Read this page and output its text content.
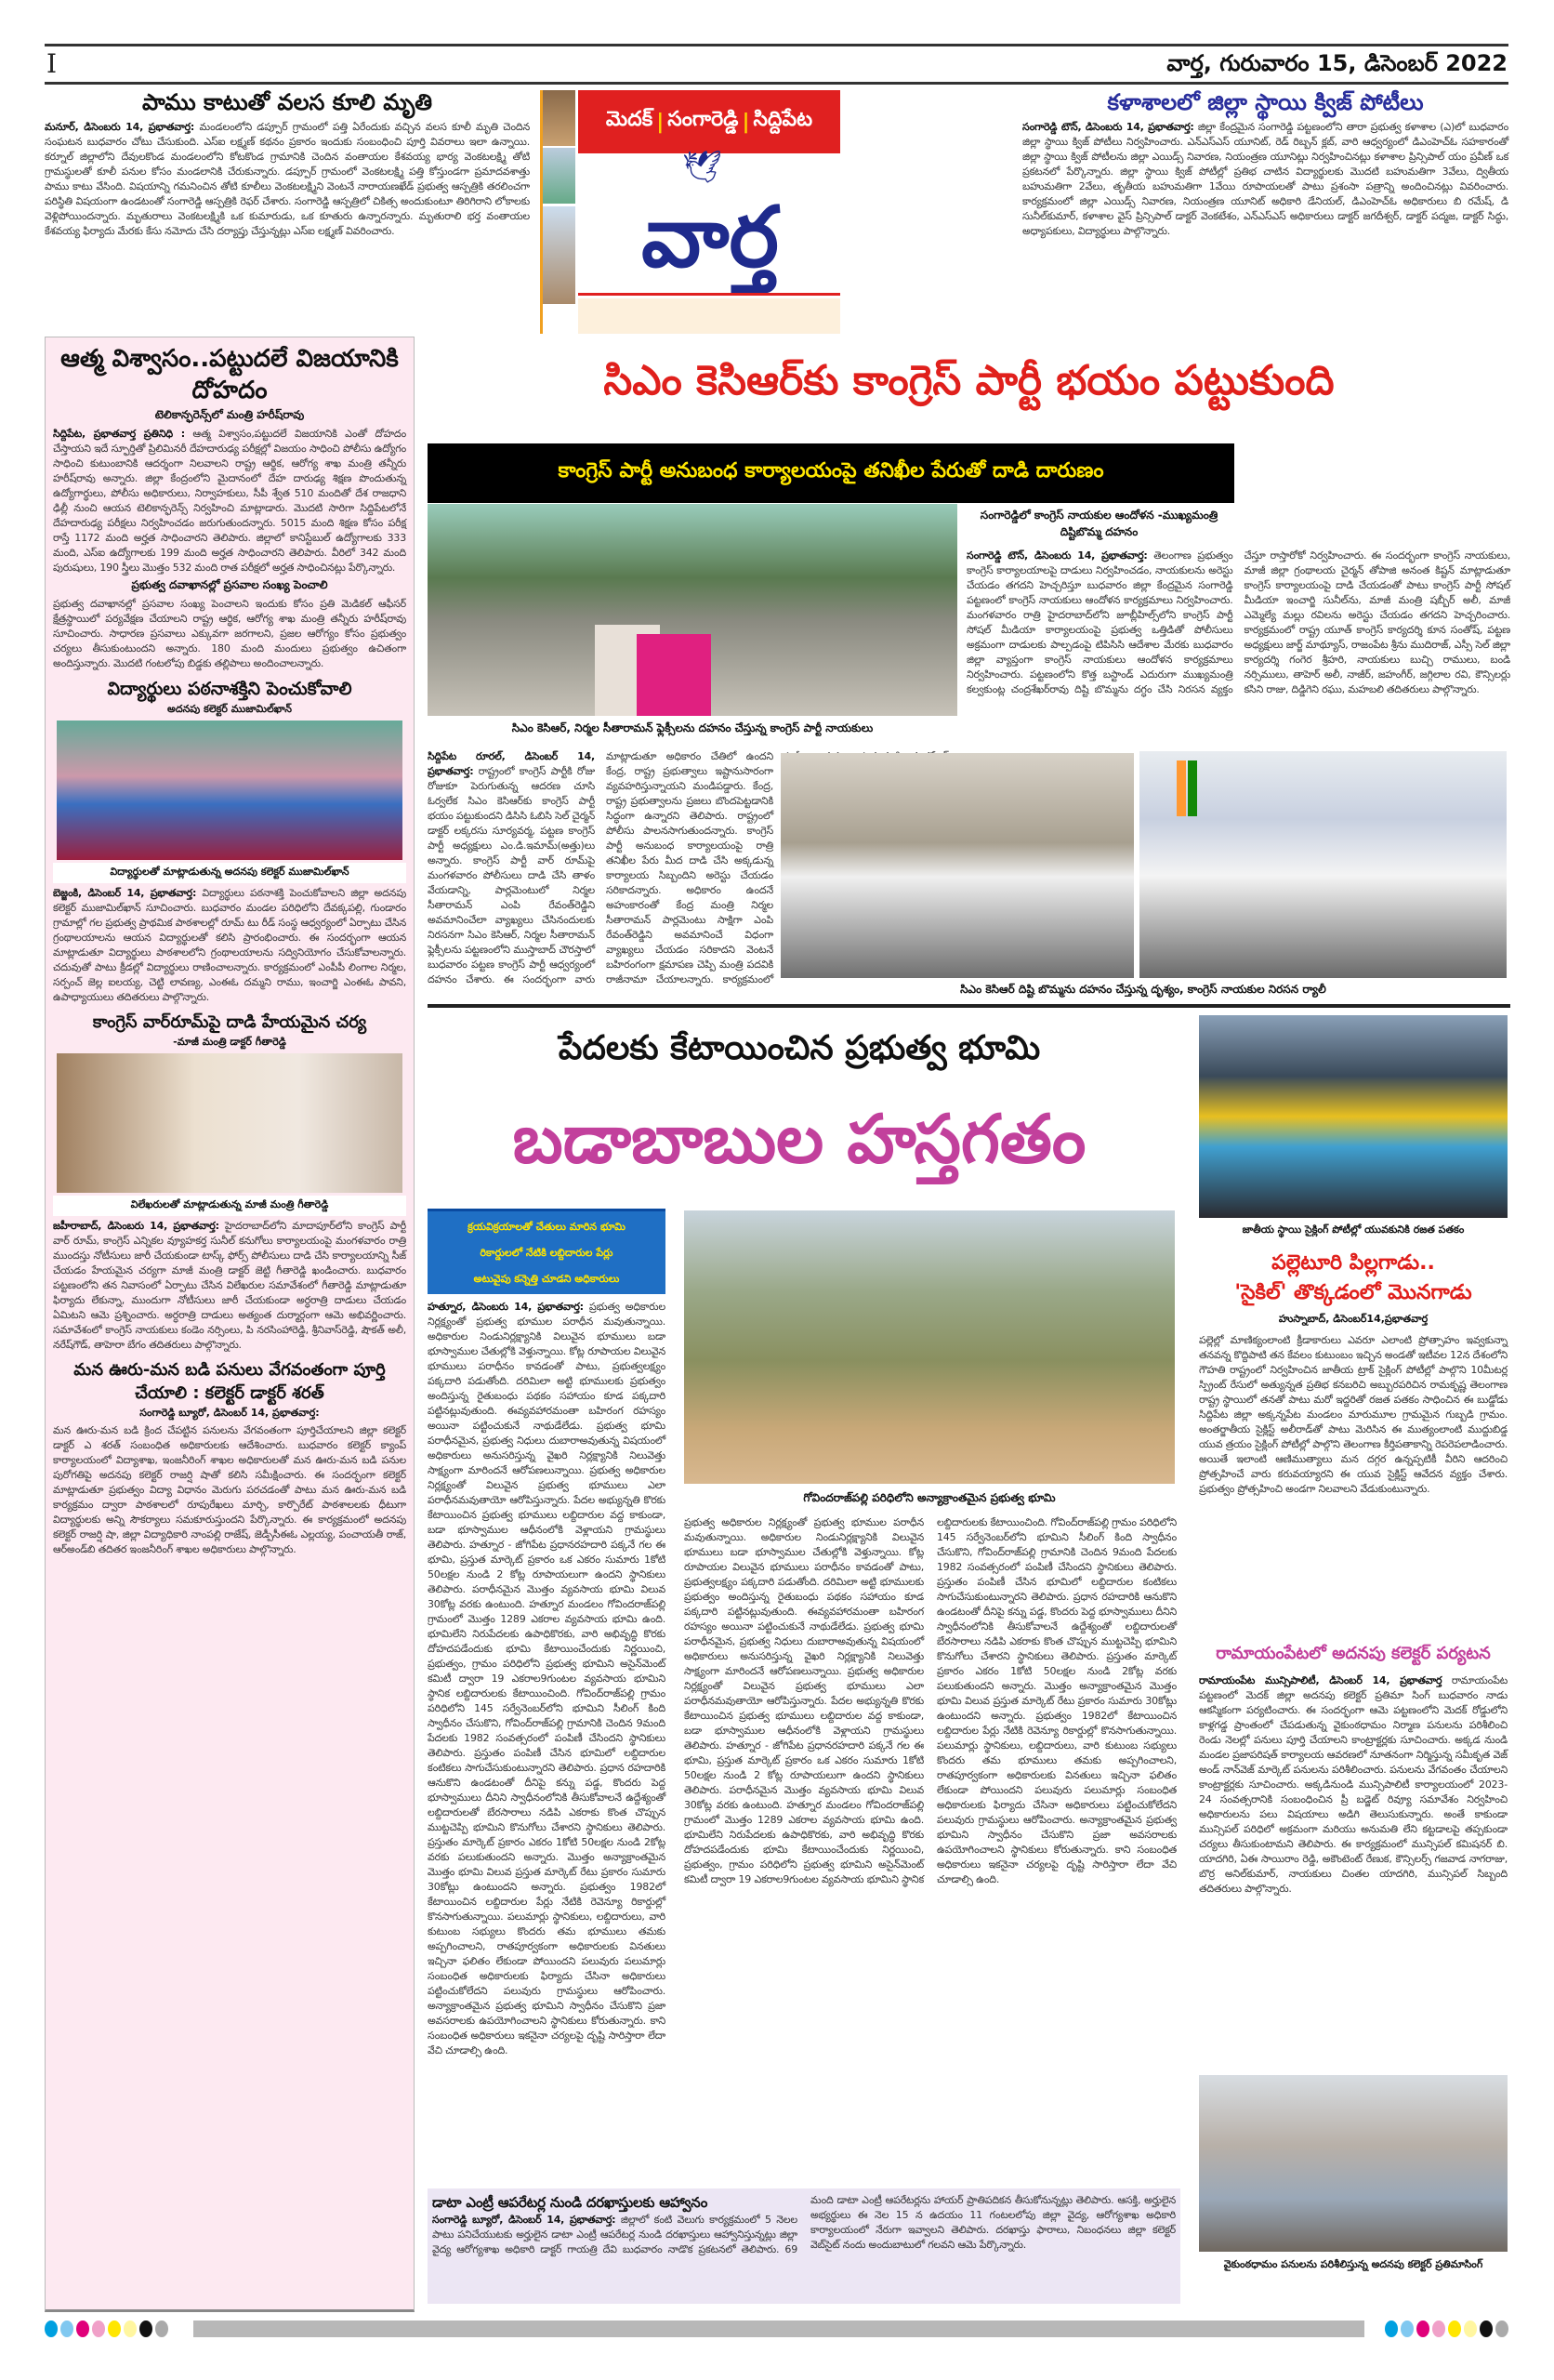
I	వార్త, గురువారం 15, డిసెంబర్ 2022
పాము కాటుతో వలస కూలి మృతి
మనూర్, డిసెంబరు 14, ప్రభాతవార్త: మండలంలోని డప్పూర్ గ్రామంలో పత్తి ఏరేందుకు వచ్చిన వలస కూలీ మృతి చెందిన సంఘటన బుధవారం చోటు చేసుకుంది. ఎస్ఐ లక్ష్మణ్ కథనం ప్రకారం ఇందుకు సంబంధించి పూర్తి వివరాలు ఇలా ఉన్నాయి. కర్నూల్ జిల్లాలోని దేవులకొండ మండలంలోని కోటకొండ గ్రామానికి చెందిన వంతాయల కేశవయ్య భార్య వెంకటలక్ష్మి తోటి గ్రామస్థులతో కూలీ పనుల కోసం మండలానికి చేరుకున్నారు. డప్పూర్ గ్రామంలో వెంకటలక్ష్మి పత్తి కోస్తుండగా ప్రమాదవశాత్తు పాము కాటు వేసింది. విషయాన్ని గమనించిన తోటి కూలీలు వెంకటలక్ష్మిని వెంటనే నారాయణఖేడ్ ప్రభుత్వ ఆస్పత్రికి తరలించగా పరిస్థితి విషయంగా ఉండటంతో సంగారెడ్డి ఆస్పత్రికి రెఫర్ చేశారు. సంగారెడ్డి ఆస్పత్రిలో చికిత్స అందుకుంటూ తిరిగిరాని లోకాలకు వెళ్లిపోయిందన్నారు. మృతురాలు వెంకటలక్ష్మికి ఒక కుమారుడు, ఒక కూతురు ఉన్నారన్నారు. మృతురాలి భర్త వంతాయల కేశవయ్య ఫిర్యాదు మేరకు కేసు నమోదు చేసి దర్యాప్తు చేస్తున్నట్లు ఎస్ఐ లక్ష్మణ్ వివరించారు.
మెదక్ | సంగారెడ్డి | సిద్దిపేట
🕊
వార్త
కళాశాలలో జిల్లా స్థాయి క్విజ్ పోటీలు
సంగారెడ్డి టౌన్, డిసెంబరు 14, ప్రభాతవార్త: జిల్లా కేంద్రమైన సంగారెడ్డి పట్టణంలోని తారా ప్రభుత్వ కళాశాల (ఎ)లో బుధవారం జిల్లా స్థాయి క్విజ్ పోటీలు నిర్వహించారు. ఎన్ఎస్ఎస్ యూనిట్, రెడ్ రిబ్బన్ క్లబ్, వారి ఆధ్వర్యంలో డిఎంహెచ్ఓ సహకారంతో జిల్లా స్థాయి క్విజ్ పోటీలను జిల్లా ఎయిడ్స్ నివారణ, నియంత్రణ యూనిట్లు నిర్వహించినట్లు కళాశాల ప్రిన్సిపాల్ యం ప్రవీణ్ ఒక ప్రకటనలో పేర్కొన్నారు. జిల్లా స్థాయి క్విజ్ పోటీల్లో ప్రతిభ చాటిన విద్యార్థులకు మొదటి బహుమతిగా 3వేలు, ద్వితీయ బహుమతిగా 2వేలు, తృతీయ బహుమతిగా 1వేయి రూపాయలతో పాటు ప్రశంసా పత్రాన్ని అందించినట్లు వివరించారు. కార్యక్రమంలో జిల్లా ఎయిడ్స్ నివారణ, నియంత్రణ యూనిట్ అధికారి డేనియల్, డిఎంహెచ్ఓ అధికారులు బి రమేష్, డి సునీల్‌కుమార్, కళాశాల వైస్ ప్రిన్సిపాల్ డాక్టర్ వెంకటేశం, ఎన్ఎస్ఎస్ అధికారులు డాక్టర్ జగదీశ్వర్, డాక్టర్ పద్మజ, డాక్టర్ సిద్ధు, అధ్యాపకులు, విద్యార్థులు పాల్గొన్నారు.
ఆత్మ విశ్వాసం..పట్టుదలే విజయానికి దోహదం
టెలికాన్ఫరెన్స్‌లో మంత్రి హరీష్‌రావు
సిద్దిపేట, ప్రభాతవార్త ప్రతినిధి : ఆత్మ విశ్వాసం,పట్టుదలే విజయానికి ఎంతో దోహదం చేస్తాయని ఇదే స్ఫూర్తితో ప్రిలిమినరీ దేహదారుఢ్య పరీక్షల్లో విజయం సాధించి పోలీసు ఉద్యోగం సాధించి కుటుంబానికి ఆదర్శంగా నిలవాలని రాష్ట్ర ఆర్థిక, ఆరోగ్య శాఖ మంత్రి తన్నీరు హరీష్‌రావు అన్నారు. జిల్లా కేంద్రంలోని మైదానంలో దేహ దారుఢ్య శిక్షణ పొందుతున్న ఉద్యోగార్థులు, పోలీసు అధికారులు, నిర్వాహకులు, సీపీ శ్వేత 510 మందితో దేశ రాజధాని ఢిల్లీ నుంచి ఆయన టెలికాన్ఫరెన్స్ నిర్వహించి మాట్లాడారు. మొదటి సారిగా సిద్దిపేటలోనే దేహదారుఢ్య పరీక్షలు నిర్వహించడం జరుగుతుందన్నారు. 5015 మంది శిక్షణ కోసం పరీక్ష రాస్తే 1172 మంది అర్హత సాధించారని తెలిపారు. జిల్లాలో కానిస్టేబుల్ ఉద్యోగాలకు 333 మంది, ఎస్ఐ ఉద్యోగాలకు 199 మంది అర్హత సాధించారని తెలిపారు. వీరిలో 342 మంది పురుషులు, 190 స్త్రీలు మొత్తం 532 మంది రాత పరీక్షలో అర్హత సాధించినట్లు పేర్కొన్నారు.
ప్రభుత్వ దవాఖానల్లో ప్రసవాల సంఖ్య పెంచాలి
ప్రభుత్వ దవాఖానల్లో ప్రసవాల సంఖ్య పెంచాలని ఇందుకు కోసం ప్రతి మెడికల్ ఆఫీసర్ క్షేత్రస్థాయిలో పర్యవేక్షణ చేయాలని రాష్ట్ర ఆర్థిక, ఆరోగ్య శాఖ మంత్రి తన్నీరు హరీష్‌రావు సూచించారు. సాధారణ ప్రసవాలు ఎక్కువగా జరగాలని, ప్రజల ఆరోగ్యం కోసం ప్రభుత్వం చర్యలు తీసుకుంటుందని అన్నారు. 180 మంది మందులు ప్రభుత్వం ఉచితంగా అందిస్తున్నారు. మొదటి గంటలోపు బిడ్డకు తల్లిపాలు అందించాలన్నారు.
విద్యార్థులు పఠనాశక్తిని పెంచుకోవాలి
అదనపు కలెక్టర్ ముజామిల్‌ఖాన్
విద్యార్థులతో మాట్లాడుతున్న అదనపు కలెక్టర్ ముజామిల్‌ఖాన్
బెజ్జంకి, డిసెంబర్ 14, ప్రభాతవార్త: విద్యార్థులు పఠనాశక్తి పెంచుకోవాలని జిల్లా అదనపు కలెక్టర్ ముజామిల్‌ఖాన్ సూచించారు. బుధవారం మండల పరిధిలోని దేవక్కపల్లి, గుండారం గ్రామాల్లో గల ప్రభుత్వ ప్రాథమిక పాఠశాలల్లో రూమ్ టు రీడ్ సంస్థ ఆధ్వర్యంలో ఏర్పాటు చేసిన గ్రంథాలయాలను ఆయన విద్యార్థులతో కలిసి ప్రారంభించారు. ఈ సందర్భంగా ఆయన మాట్లాడుతూ విద్యార్థులు పాఠశాలలోని గ్రంథాలయాలను సద్వినియోగం చేసుకోవాలన్నారు. చదువుతో పాటు క్రీడల్లో విద్యార్థులు రాణించాలన్నారు. కార్యక్రమంలో ఎంపీపీ లింగాల నిర్మల, సర్పంచ్ జెల్ల ఐలయ్య, చెట్టి లావణ్య, ఎంఈఓ దమ్మని రాము, ఇంచార్జి ఎంఈఓ పావని, ఉపాధ్యాయులు తదితరులు పాల్గొన్నారు.
కాంగ్రెస్ వార్‌రూమ్‌పై దాడి హేయమైన చర్య
-మాజీ మంత్రి డాక్టర్ గీతారెడ్డి
విలేఖరులతో మాట్లాడుతున్న మాజీ మంత్రి గీతారెడ్డి
జహీరాబాద్, డిసెంబరు 14, ప్రభాతవార్త: హైదరాబాద్‌లోని మాదాపూర్‌లోని కాంగ్రెస్ పార్టీ వార్ రూమ్, కాంగ్రెస్ ఎన్నికల వ్యూహకర్త సునీల్ కనుగోలు కార్యాలయంపై మంగళవారం రాత్రి ముందస్తు నోటీసులు జారీ చేయకుండా టాస్క్ ఫోర్స్ పోలీసులు దాడి చేసి కార్యాలయాన్ని సీజ్ చేయడం హేయమైన చర్యగా మాజీ మంత్రి డాక్టర్ జెట్టి గీతారెడ్డి ఖండించారు. బుధవారం పట్టణంలోని తన నివాసంలో ఏర్పాటు చేసిన విలేఖరుల సమావేశంలో గీతారెడ్డి మాట్లాడుతూ ఫిర్యాదు లేకున్నా, ముందుగా నోటీసులు జారీ చేయకుండా అర్ధరాత్రి దాడులు చేయడం ఏమిటని ఆమె ప్రశ్నించారు. అర్ధరాత్రి దాడులు అత్యంత దుర్మార్గంగా ఆమె అభివర్ణించారు. సమావేశంలో కాంగ్రెస్ నాయకులు కండెం నర్సింలు, పి నరసింహారెడ్డి, శ్రీనివాస్‌రెడ్డి, షౌకత్ అలీ, నరేష్‌గౌడ్, తాహెరా బేగం తదితరులు పాల్గొన్నారు.
మన ఊరు-మన బడి పనులు వేగవంతంగా పూర్తి చేయాలి : కలెక్టర్ డాక్టర్ శరత్
సంగారెడ్డి బ్యూరో, డిసెంబర్ 14, ప్రభాతవార్త:
మన ఊరు-మన బడి క్రింద చేపట్టిన పనులను వేగవంతంగా పూర్తిచేయాలని జిల్లా కలెక్టర్ డాక్టర్ ఎ శరత్ సంబంధిత అధికారులకు ఆదేశించారు. బుధవారం కలెక్టర్ క్యాంప్ కార్యాలయంలో విద్యాశాఖ, ఇంజనీరింగ్ శాఖల అధికారులతో మన ఊరు-మన బడి పనుల పురోగతిపై అదనపు కలెక్టర్ రాజర్షి షాతో కలిసి సమీక్షించారు. ఈ సందర్భంగా కలెక్టర్ మాట్లాడుతూ ప్రభుత్వం విద్యా విధానం మెరుగు పరచడంతో పాటు మన ఊరు-మన బడి కార్యక్రమం ద్వారా పాఠశాలలో రూపురేఖలు మార్చి, కార్పొరేట్ పాఠశాలలకు ధీటుగా విద్యార్థులకు అన్ని సౌకర్యాలు సమకూరుస్తుందని పేర్కొన్నారు. ఈ కార్యక్రమంలో అదనపు కలెక్టర్ రాజర్షి షా, జిల్లా విద్యాధికారి నాంపల్లి రాజేష్, జెడ్పీసీఈఓ ఎల్లయ్య, పంచాయతీ రాజ్, ఆర్అండ్‌బి తదితర ఇంజనీరింగ్ శాఖల అధికారులు పాల్గొన్నారు.
సిఎం కెసిఆర్‌కు కాంగ్రెస్ పార్టీ భయం పట్టుకుంది
కాంగ్రెస్ పార్టీ అనుబంధ కార్యాలయంపై తనిఖీల పేరుతో దాడి దారుణం
సిఎం కెసిఆర్, నిర్మల సీతారామన్ ఫ్లెక్సీలను దహనం చేస్తున్న కాంగ్రెస్ పార్టీ నాయకులు
సంగారెడ్డిలో కాంగ్రెస్ నాయకుల ఆందోళన -ముఖ్యమంత్రి దిష్టిబొమ్మ దహనం
సంగారెడ్డి టౌన్, డిసెంబరు 14, ప్రభాతవార్త: తెలంగాణ ప్రభుత్వం కాంగ్రెస్ కార్యాలయాలపై దాడులు నిర్వహించడం, నాయకులను అరెస్టు చేయడం తగదని హెచ్చరిస్తూ బుధవారం జిల్లా కేంద్రమైన సంగారెడ్డి పట్టణంలో కాంగ్రెస్ నాయకులు ఆందోళన కార్యక్రమాలు నిర్వహించారు. మంగళవారం రాత్రి హైదరాబాద్‌లోని జూబ్లీహిల్స్‌లోని కాంగ్రెస్ పార్టీ సోషల్ మీడియా కార్యాలయంపై ప్రభుత్వ ఒత్తిడితో పోలీసులు అక్రమంగా దాడులకు పాల్పడంపై టిపిసిసి ఆదేశాల మేరకు బుధవారం జిల్లా వ్యాప్తంగా కాంగ్రెస్ నాయకులు ఆందోళన కార్యక్రమాలు నిర్వహించారు. పట్టణంలోని కొత్త బస్టాండ్ ఎదురుగా ముఖ్యమంత్రి కల్వకుంట్ల చంద్రశేఖర్‌రావు దిష్టి బొమ్మను దగ్ధం చేసి నిరసన వ్యక్తం చేస్తూ రాస్తారోకో నిర్వహించారు. ఈ సందర్భంగా కాంగ్రెస్ నాయకులు, మాజీ జిల్లా గ్రంథాలయ చైర్మన్ తోపాజి అనంత కిష్టన్ మాట్లాడుతూ కాంగ్రెస్ కార్యాలయంపై దాడి చేయడంతో పాటు కాంగ్రెస్ పార్టీ సోషల్ మీడియా ఇంచార్జి సునీల్‌ను, మాజీ మంత్రి షబ్బీర్ అలీ, మాజీ ఎమ్మెల్యే మల్లు రవిలను అరెస్టు చేయడం తగదని హెచ్చరించారు. కార్యక్రమంలో రాష్ట్ర యూత్ కాంగ్రెస్ కార్యదర్శి కూన సంతోష్, పట్టణ అధ్యక్షులు జార్జ్ మాథ్యూస్, రాజంపేట శ్రీను ముదిరాజ్, ఎస్సీ సెల్ జిల్లా కార్యదర్శి గంగెర శ్రీహరి, నాయకులు బుచ్చి రాములు, బండి నర్సిములు, తాహెర్ అలీ, నాజీర్, జహంగీర్, జగ్గిలాల రవి, కౌన్సిలర్లు కసిని రాజు, దిడ్డిగెని రఘు, మహబలి తదితరులు పాల్గొన్నారు.
సిద్దిపేట రూరల్, డిసెంబర్ 14, ప్రభాతవార్త: రాష్ట్రంలో కాంగ్రెస్ పార్టీకి రోజు రోజుకూ పెరుగుతున్న ఆదరణ చూసి ఓర్వలేక సిఎం కెసిఆర్‌కు కాంగ్రెస్ పార్టీ భయం పట్టుకుందని డిసిసి ఓబిసి సెల్ చైర్మన్ డాక్టర్ లక్కరసు సూర్యవర్మ, పట్టణ కాంగ్రెస్ పార్టీ అధ్యక్షులు ఎం.డి.ఇమామ్(అత్తు)లు అన్నారు. కాంగ్రెస్ పార్టీ వార్ రూమ్‌పై మంగళవారం పోలీసులు దాడి చేసి తాళం వేయడాన్ని, పార్లమెంటులో నిర్మల సీతారామన్ ఎంపి రేవంత్‌రెడ్డిని అవమానించేలా వ్యాఖ్యలు చేసినందులకు నిరసనగా సిఎం కెసిఆర్, నిర్మల సీతారామన్ ఫ్లెక్సీలను పట్టణంలోని ముస్తాబాద్ చౌరస్తాలో బుధవారం పట్టణ కాంగ్రెస్ పార్టీ ఆధ్వర్యంలో దహనం చేశారు. ఈ సందర్భంగా వారు మాట్లాడుతూ అధికారం చేతిలో ఉందని కేంద్ర, రాష్ట్ర ప్రభుత్వాలు ఇష్టానుసారంగా వ్యవహరిస్తున్నాయని మండిపడ్డారు. కేంద్ర, రాష్ట్ర ప్రభుత్వాలను ప్రజలు బొందపెట్టడానికి సిద్ధంగా ఉన్నారని తెలిపారు. రాష్ట్రంలో పోలీసు పాలనసాగుతుందన్నారు. కాంగ్రెస్ పార్టీ అనుబంధ కార్యాలయంపై రాత్రి తనిఖీల పేరు మీద దాడి చేసి అక్కడున్న కార్యాలయ సిబ్బందిని అరెస్టు చేయడం సరికాదన్నారు. అధికారం ఉందనే అహంకారంతో కేంద్ర మంత్రి నిర్మల సీతారామన్ పార్లమెంటు సాక్షిగా ఎంపి రేవంత్‌రెడ్డిని అవమానించే విధంగా వ్యాఖ్యలు చేయడం సరికాదని వెంటనే బహిరంగంగా క్షమాపణ చెప్పి మంత్రి పదవికి రాజీనామా చేయాలన్నారు. కార్యక్రమంలో
సిఎం కెసిఆర్ దిష్టి బొమ్మను దహనం చేస్తున్న దృశ్యం, కాంగ్రెస్ నాయకుల నిరసన ర్యాలీ
పేదలకు కేటాయించిన ప్రభుత్వ భూమి
బడాబాబుల హస్తగతం
క్రయవిక్రయాలతో చేతులు మారిన భూమి
రికార్డులలో నేటికి లబ్దిదారుల పేర్లు
అటువైపు కన్నెత్తి చూడని అధికారులు
గోవిందరాజ్‌పల్లి పరిధిలోని అన్యాక్రాంతమైన ప్రభుత్వ భూమి
హత్నూర, డిసెంబరు 14, ప్రభాతవార్త: ప్రభుత్వ అధికారుల నిర్లక్ష్యంతో ప్రభుత్వ భూముల పరాధీన మవుతున్నాయి. అధికారుల నిండునిర్లక్ష్యానికి విలువైన భూములు బడా భూస్వాముల చేతుల్లోకి వెళ్తున్నాయి. కోట్ల రూపాయల విలువైన భూములు పరాధీనం కావడంతో పాటు, ప్రభుత్వలక్ష్యం పక్కదారి పడుతోంది. దరిమిలా అట్టి భూములకు ప్రభుత్వం అందిస్తున్న రైతుబంధు పథకం సహాయం కూడ పక్కదారి పట్టినట్లువుతుంది. ఈవ్యవహారమంతా బహిరంగ రహస్యం అయినా పట్టించుకునే నాథుడేలేడు. ప్రభుత్వ భూమి పరాధీనమైన, ప్రభుత్వ నిధులు దుబారాఅవుతున్న విషయంలో అధికారులు అనుసరిస్తున్న వైఖరి నిర్లక్ష్యానికి నిలువెత్తు సాక్ష్యంగా మారిందనే ఆరోపణలున్నాయి. ప్రభుత్వ అధికారుల నిర్లక్ష్యంతో విలువైన ప్రభుత్వ భూములు ఎలా పరాధీనమవుతాయో ఆరోపిస్తున్నారు. పేదల అభ్యున్నతి కొరకు కేటాయించిన ప్రభుత్వ భూములు లబ్దిదారుల వద్ద కాకుండా, బడా భూస్వాముల ఆధీనంలోకి వెళ్లాయని గ్రామస్థులు తెలిపారు. హత్నూర - జోగిపేట ప్రధానరహదారి పక్కనే గల ఈ భూమి, ప్రస్తుత మార్కెట్ ప్రకారం ఒక ఎకరం సుమారు 1కోటి 50లక్షల నుండి 2 కోట్ల రూపాయలుగా ఉందని స్థానికులు తెలిపారు. పరాధీనమైన మొత్తం వ్యవసాయ భూమి విలువ 30కోట్ల వరకు ఉంటుంది. హత్నూర మండలం గోవిందరాజ్‌పల్లి గ్రామంలో మొత్తం 1289 ఎకరాల వ్యవసాయ భూమి ఉంది. భూమిలేని నిరుపేదలకు ఉపాధికొరకు, వారి అభివృద్ధి కొరకు దోహదపడేందుకు భూమి కేటాయించేందుకు నిర్ణయించి, ప్రభుత్వం, గ్రామం పరిధిలోని ప్రభుత్వ భూమిని అసైన్‌మెంట్ కమిటీ ద్వారా 19 ఎకరాల9గుంటల వ్యవసాయ భూమిని స్థానిక లబ్దిదారులకు కేటాయించింది. గోవింద్‌రాజ్‌పల్లి గ్రామం పరిధిలోని 145 సర్వేనెంబర్‌లోని భూమిని సీలింగ్ కింది స్వాధీనం చేసుకొని, గోవింద్‌రాజ్‌పల్లి గ్రామానికి చెందిన 9మంది పేదలకు 1982 సంవత్సరంలో పంపిణీ చేసిందని స్థానికులు తెలిపారు. ప్రస్తుతం పంపిణీ చేసిన భూమిలో లబ్దిదారుల కంటికలు సాగుచేసుకుంటున్నారని తెలిపారు. ప్రధాన రహదారికి ఆనుకొని ఉండటంతో దీనిపై కన్ను పడ్డ, కొందరు పెద్ద భూస్వాములు దీనిని స్వాధీనంలోనికి తీసుకోవాలనే ఉద్దేశ్యంతో లబ్దిదారులతో బేరసారాలు నడిపి ఎకరాకు కొంత చొప్పున ముట్టచెప్పి భూమిని కొనుగోలు చేశారని స్థానికులు తెలిపారు. ప్రస్తుతం మార్కెట్ ప్రకారం ఎకరం 1కోటి 50లక్షల నుండి 2కోట్ల వరకు పలుకుతుందని అన్నారు. మొత్తం అన్యాక్రాంతమైన మొత్తం భూమి విలువ ప్రస్తుత మార్కెట్ రేటు ప్రకారం సుమారు 30కోట్లు ఉంటుందని అన్నారు. ప్రభుత్వం 1982లో కేటాయించిన లబ్దిదారుల పేర్లు నేటికి రెవెన్యూ రికార్డుల్లో కొనసాగుతున్నాయి. పలుమార్లు స్థానికులు, లబ్దిదారులు, వారి కుటుంబ సభ్యులు కొందరు తమ భూములు తమకు అప్పగించాలని, రాతపూర్వకంగా అధికారులకు వినతులు ఇచ్చినా ఫలితం లేకుండా పోయిందని పలువురు పలుమార్లు సంబంధిత అధికారులకు ఫిర్యాదు చేసినా అధికారులు పట్టించుకోలేదని పలువురు గ్రామస్థులు ఆరోపించారు. అన్యాక్రాంతమైన ప్రభుత్వ భూమిని స్వాధీనం చేసుకొని ప్రజా అవసరాలకు ఉపయోగించాలని స్థానికులు కోరుతున్నారు. కాని సంబంధిత అధికారులు ఇకనైనా చర్యలపై దృష్టి సారిస్తారా లేదా వేచి చూడాల్సి ఉంది.
ప్రభుత్వ అధికారుల నిర్లక్ష్యంతో ప్రభుత్వ భూముల పరాధీన మవుతున్నాయి. అధికారుల నిండునిర్లక్ష్యానికి విలువైన భూములు బడా భూస్వాముల చేతుల్లోకి వెళ్తున్నాయి. కోట్ల రూపాయల విలువైన భూములు పరాధీనం కావడంతో పాటు, ప్రభుత్వలక్ష్యం పక్కదారి పడుతోంది. దరిమిలా అట్టి భూములకు ప్రభుత్వం అందిస్తున్న రైతుబంధు పథకం సహాయం కూడ పక్కదారి పట్టినట్లువుతుంది. ఈవ్యవహారమంతా బహిరంగ రహస్యం అయినా పట్టించుకునే నాథుడేలేడు. ప్రభుత్వ భూమి పరాధీనమైన, ప్రభుత్వ నిధులు దుబారాఅవుతున్న విషయంలో అధికారులు అనుసరిస్తున్న వైఖరి నిర్లక్ష్యానికి నిలువెత్తు సాక్ష్యంగా మారిందనే ఆరోపణలున్నాయి. ప్రభుత్వ అధికారుల నిర్లక్ష్యంతో విలువైన ప్రభుత్వ భూములు ఎలా పరాధీనమవుతాయో ఆరోపిస్తున్నారు. పేదల అభ్యున్నతి కొరకు కేటాయించిన ప్రభుత్వ భూములు లబ్దిదారుల వద్ద కాకుండా, బడా భూస్వాముల ఆధీనంలోకి వెళ్లాయని గ్రామస్థులు తెలిపారు. హత్నూర - జోగిపేట ప్రధానరహదారి పక్కనే గల ఈ భూమి, ప్రస్తుత మార్కెట్ ప్రకారం ఒక ఎకరం సుమారు 1కోటి 50లక్షల నుండి 2 కోట్ల రూపాయలుగా ఉందని స్థానికులు తెలిపారు. పరాధీనమైన మొత్తం వ్యవసాయ భూమి విలువ 30కోట్ల వరకు ఉంటుంది. హత్నూర మండలం గోవిందరాజ్‌పల్లి గ్రామంలో మొత్తం 1289 ఎకరాల వ్యవసాయ భూమి ఉంది. భూమిలేని నిరుపేదలకు ఉపాధికొరకు, వారి అభివృద్ధి కొరకు దోహదపడేందుకు భూమి కేటాయించేందుకు నిర్ణయించి, ప్రభుత్వం, గ్రామం పరిధిలోని ప్రభుత్వ భూమిని అసైన్‌మెంట్ కమిటీ ద్వారా 19 ఎకరాల9గుంటల వ్యవసాయ భూమిని స్థానిక లబ్దిదారులకు కేటాయించింది. గోవింద్‌రాజ్‌పల్లి గ్రామం పరిధిలోని 145 సర్వేనెంబర్‌లోని భూమిని సీలింగ్ కింది స్వాధీనం చేసుకొని, గోవింద్‌రాజ్‌పల్లి గ్రామానికి చెందిన 9మంది పేదలకు 1982 సంవత్సరంలో పంపిణీ చేసిందని స్థానికులు తెలిపారు. ప్రస్తుతం పంపిణీ చేసిన భూమిలో లబ్దిదారుల కంటికలు సాగుచేసుకుంటున్నారని తెలిపారు. ప్రధాన రహదారికి ఆనుకొని ఉండటంతో దీనిపై కన్ను పడ్డ, కొందరు పెద్ద భూస్వాములు దీనిని స్వాధీనంలోనికి తీసుకోవాలనే ఉద్దేశ్యంతో లబ్దిదారులతో బేరసారాలు నడిపి ఎకరాకు కొంత చొప్పున ముట్టచెప్పి భూమిని కొనుగోలు చేశారని స్థానికులు తెలిపారు. ప్రస్తుతం మార్కెట్ ప్రకారం ఎకరం 1కోటి 50లక్షల నుండి 2కోట్ల వరకు పలుకుతుందని అన్నారు. మొత్తం అన్యాక్రాంతమైన మొత్తం భూమి విలువ ప్రస్తుత మార్కెట్ రేటు ప్రకారం సుమారు 30కోట్లు ఉంటుందని అన్నారు. ప్రభుత్వం 1982లో కేటాయించిన లబ్దిదారుల పేర్లు నేటికి రెవెన్యూ రికార్డుల్లో కొనసాగుతున్నాయి. పలుమార్లు స్థానికులు, లబ్దిదారులు, వారి కుటుంబ సభ్యులు కొందరు తమ భూములు తమకు అప్పగించాలని, రాతపూర్వకంగా అధికారులకు వినతులు ఇచ్చినా ఫలితం లేకుండా పోయిందని పలువురు పలుమార్లు సంబంధిత అధికారులకు ఫిర్యాదు చేసినా అధికారులు పట్టించుకోలేదని పలువురు గ్రామస్థులు ఆరోపించారు. అన్యాక్రాంతమైన ప్రభుత్వ భూమిని స్వాధీనం చేసుకొని ప్రజా అవసరాలకు ఉపయోగించాలని స్థానికులు కోరుతున్నారు. కాని సంబంధిత అధికారులు ఇకనైనా చర్యలపై దృష్టి సారిస్తారా లేదా వేచి చూడాల్సి ఉంది.
డాటా ఎంట్రీ ఆపరేటర్ల నుండి దరఖాస్తులకు ఆహ్వానం
సంగారెడ్డి బ్యూరో, డిసెంబర్ 14, ప్రభాతవార్త: జిల్లాలో కంటి వెలుగు కార్యక్రమంలో 5 నెలల పాటు పనిచేయుటకు అర్హులైన డాటా ఎంట్రీ ఆపరేటర్ల నుండి దరఖాస్తులు ఆహ్వానిస్తున్నట్లు జిల్లా వైద్య ఆరోగ్యశాఖ అధికారి డాక్టర్ గాయత్రి దేవి బుధవారం నాడొక ప్రకటనలో తెలిపారు. 69 మంది డాటా ఎంట్రీ ఆపరేటర్లను హాయర్ ప్రాతిపదికన తీసుకోనున్నట్లు తెలిపారు. ఆసక్తి, అర్హులైన అభ్యర్థులు ఈ నెల 15 న ఉదయం 11 గంటలలోపు జిల్లా వైద్య, ఆరోగ్యశాఖ అధికారి కార్యాలయంలో నేరుగా ఇవ్వాలని తెలిపారు. దరఖాస్తు ఫారాలు, నిబంధనలు జిల్లా కలెక్టర్ వెబ్‌సైట్ నందు అందుబాటులో గలవని ఆమె పేర్కొన్నారు.
జాతీయ స్థాయి సైక్లింగ్ పోటీల్లో యువకునికి రజత పతకం
పల్లెటూరి పిల్లగాడు..
'సైకిల్' తొక్కడంలో మొనగాడు
హుస్నాబాద్, డిసెంబర్14,ప్రభాతవార్త
పల్లెల్లో మాణిక్యంలాంటి క్రీడాకారులు ఎవరూ ఎలాంటి ప్రోత్సాహం ఇవ్వకున్నా తనవన్న కొద్దిపాటి తన కేవలం కుటుంబం ఇచ్చిన అండతో ఇటీవల 12న దేశంలోని గౌహతి రాష్ట్రంలో నిర్వహించిన జాతీయ ట్రాక్ సైక్లింగ్ పోటీల్లో పాల్గొని 10మీటర్ల స్ప్రింట్ రేసులో అత్యున్నత ప్రతిభ కనబరిచి అబ్బురపరిచిన రామకృష్ణ తెలంగాణ రాష్ట్ర స్థాయిలో తనతో పాటు మరో ఇద్దరితో రజత పతకం సాధించిన ఈ బుడ్డోడు సిద్దిపేట జిల్లా అక్కన్నపేట మండలం మారుమూల గ్రామమైన గుబ్బడి గ్రామం. అంతర్జాతీయ సైక్లిస్ట్ అలీరాడ్‌తో పాటు మెరిసిన ఈ ముత్యంలాంటి ముద్దుబిడ్డ యువ త్రయం సైక్లింగ్ పోటీల్లో పాల్గొని తెలంగాణ కీర్తిపతాకాన్ని రెపరెపలాడించారు. అయితే ఇలాంటి ఆణిముత్యాలు మన దగ్గర ఉన్నప్పటికీ వీరిని ఆదరించి ప్రోత్సహించే వారు కరువయ్యారని ఈ యువ సైక్లిస్ట్ ఆవేదన వ్యక్తం చేశారు. ప్రభుత్వం ప్రోత్సహించి అండగా నిలవాలని వేడుకుంటున్నారు.
రామాయంపేటలో అదనపు కలెక్టర్ పర్యటన
రామాయంపేట మున్సిపాలిటీ, డిసెంబర్ 14, ప్రభాతవార్త రామాయంపేట పట్టణంలో మెదక్ జిల్లా అదనపు కలెక్టర్ ప్రతిమా సింగ్ బుధవారం నాడు ఆకస్మికంగా పర్యటించారు. ఈ సందర్భంగా ఆమె పట్టణంలోని మెదక్ రోడ్డులోని కాళ్లగడ్డ ప్రాంతంలో చేపడుతున్న వైకుంఠధామం నిర్మాణ పనులను పరిశీలించి రెండు నెలల్లో పనులు పూర్తి చేయాలని కాంట్రాక్టర్లకు సూచించారు. అక్కడ నుండి మండల ప్రజాపరిషత్ కార్యాలయ ఆవరణలో నూతనంగా నిర్మిస్తున్న సమీకృత వెజ్ అండ్ నాన్‌వెజ్ మార్కెట్ పనులను పరిశీలించారు. పనులను వేగవంతం చేయాలని కాంట్రాక్టర్లకు సూచించారు. అక్కడినుండి మున్సిపాలిటీ కార్యాలయంలో 2023-24 సంవత్సరానికి సంబంధించిన ప్రీ బడ్జెట్ రివ్యూ సమావేశం నిర్వహించి అధికారులను పలు విషయాలు అడిగి తెలుసుకున్నారు. అంతే కాకుండా మున్సిపల్ పరిధిలో అక్రమంగా మరియు అనుమతి లేని కట్టడాలపై తప్పకుండా చర్యలు తీసుకుంటామని తెలిపారు. ఈ కార్యక్రమంలో మున్సిపల్ కమిషనర్ బి. యాదగిరి, ఏఈ సాయిరాం రెడ్డి, అకౌంటెంట్ రేణుక, కౌన్సిలర్స్ గజవాడ నాగరాజు, బొర్ర అనిల్‌కుమార్, నాయకులు చింతల యాదగిరి, మున్సిపల్ సిబ్బంది తదితరులు పాల్గొన్నారు.
వైకుంఠధామం పనులను పరిశీలిస్తున్న అదనపు కలెక్టర్ ప్రతిమాసింగ్
